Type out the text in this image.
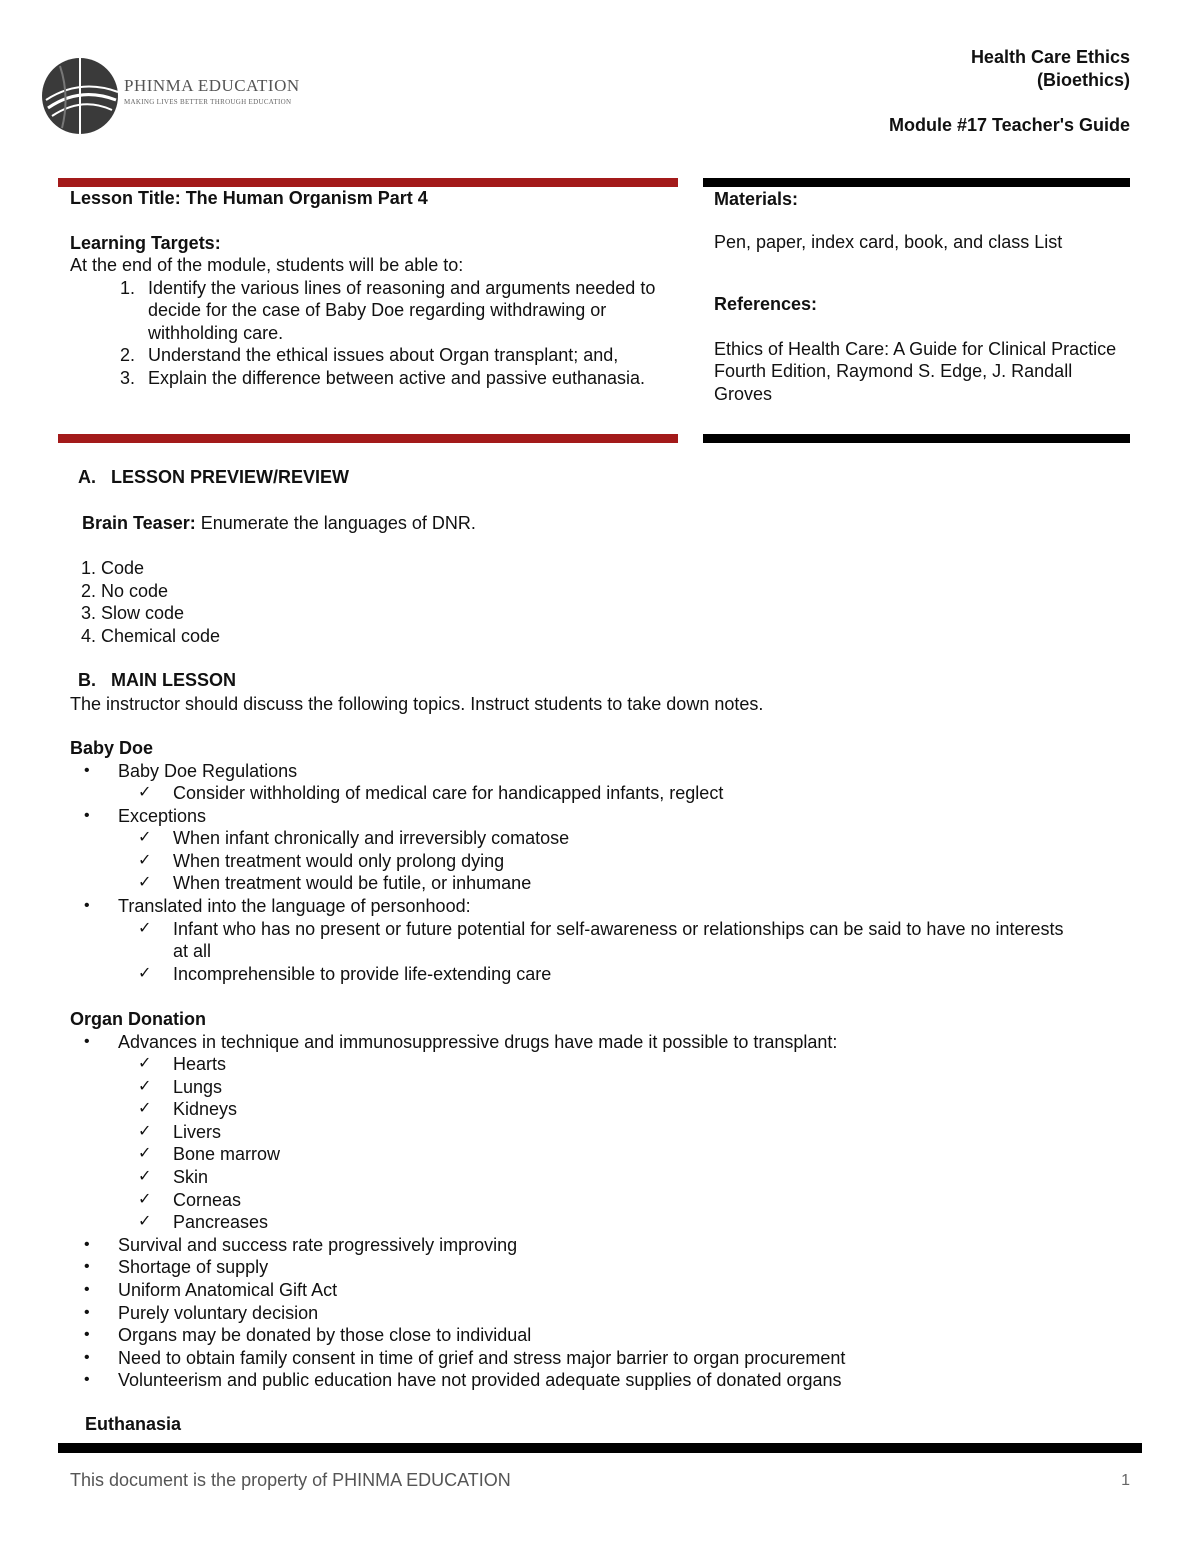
PHINMA EDUCATION
MAKING LIVES BETTER THROUGH EDUCATION
Health Care Ethics
(Bioethics)
Module #17 Teacher's Guide
Lesson Title: The Human Organism Part 4
Learning Targets:
At the end of the module, students will be able to:
1. Identify the various lines of reasoning and arguments needed to decide for the case of Baby Doe regarding withdrawing or withholding care.
2. Understand the ethical issues about Organ transplant; and,
3. Explain the difference between active and passive euthanasia.
Materials:
Pen, paper, index card, book, and class List
References:
Ethics of Health Care: A Guide for Clinical Practice Fourth Edition, Raymond S. Edge, J. Randall Groves
A.   LESSON PREVIEW/REVIEW
Brain Teaser: Enumerate the languages of DNR.
1. Code
2. No code
3. Slow code
4. Chemical code
B.   MAIN LESSON
The instructor should discuss the following topics. Instruct students to take down notes.
Baby Doe
• Baby Doe Regulations
✓ Consider withholding of medical care for handicapped infants, reglect
• Exceptions
✓ When infant chronically and irreversibly comatose
✓ When treatment would only prolong dying
✓ When treatment would be futile, or inhumane
• Translated into the language of personhood:
✓ Infant who has no present or future potential for self-awareness or relationships can be said to have no interests at all
✓ Incomprehensible to provide life-extending care
Organ Donation
• Advances in technique and immunosuppressive drugs have made it possible to transplant:
✓ Hearts
✓ Lungs
✓ Kidneys
✓ Livers
✓ Bone marrow
✓ Skin
✓ Corneas
✓ Pancreases
• Survival and success rate progressively improving
• Shortage of supply
• Uniform Anatomical Gift Act
• Purely voluntary decision
• Organs may be donated by those close to individual
• Need to obtain family consent in time of grief and stress major barrier to organ procurement
• Volunteerism and public education have not provided adequate supplies of donated organs
Euthanasia
This document is the property of PHINMA EDUCATION	1
